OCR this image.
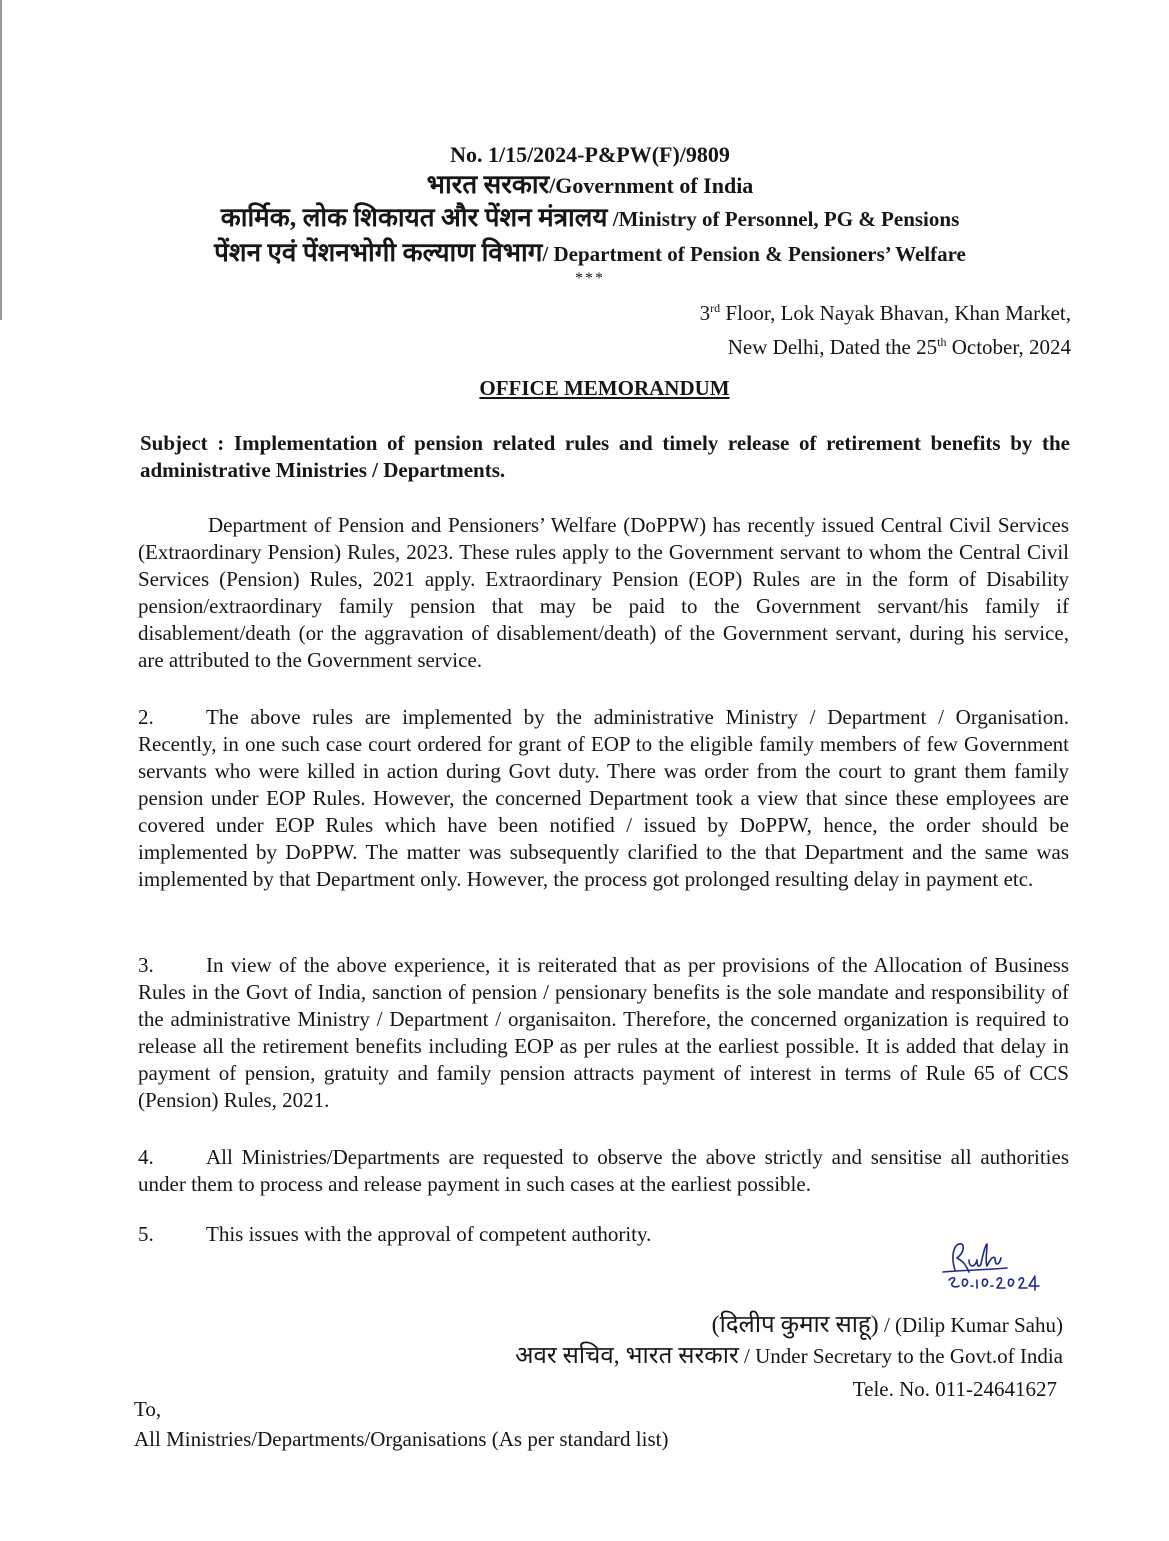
No. 1/15/2024-P&PW(F)/9809
भारत सरकार/Government of India
कार्मिक, लोक शिकायत और पेंशन मंत्रालय /Ministry of Personnel, PG & Pensions
पेंशन एवं पेंशनभोगी कल्याण विभाग/ Department of Pension & Pensioners’ Welfare
***
3rd Floor, Lok Nayak Bhavan, Khan Market,
New Delhi, Dated the 25th October, 2024
OFFICE MEMORANDUM
Subject : Implementation of pension related rules and timely release of retirement benefits by the administrative Ministries / Departments.
Department of Pension and Pensioners’ Welfare (DoPPW) has recently issued Central Civil Services (Extraordinary Pension) Rules, 2023. These rules apply to the Government servant to whom the Central Civil Services (Pension) Rules, 2021 apply. Extraordinary Pension (EOP) Rules are in the form of Disability pension/extraordinary family pension that may be paid to the Government servant/his family if disablement/death (or the aggravation of disablement/death) of the Government servant, during his service, are attributed to the Government service.
2. The above rules are implemented by the administrative Ministry / Department / Organisation. Recently, in one such case court ordered for grant of EOP to the eligible family members of few Government servants who were killed in action during Govt duty. There was order from the court to grant them family pension under EOP Rules. However, the concerned Department took a view that since these employees are covered under EOP Rules which have been notified / issued by DoPPW, hence, the order should be implemented by DoPPW. The matter was subsequently clarified to the that Department and the same was implemented by that Department only. However, the process got prolonged resulting delay in payment etc.
3. In view of the above experience, it is reiterated that as per provisions of the Allocation of Business Rules in the Govt of India, sanction of pension / pensionary benefits is the sole mandate and responsibility of the administrative Ministry / Department / organisaiton. Therefore, the concerned organization is required to release all the retirement benefits including EOP as per rules at the earliest possible. It is added that delay in payment of pension, gratuity and family pension attracts payment of interest in terms of Rule 65 of CCS (Pension) Rules, 2021.
4. All Ministries/Departments are requested to observe the above strictly and sensitise all authorities under them to process and release payment in such cases at the earliest possible.
5. This issues with the approval of competent authority.
(दिलीप कुमार साहू) / (Dilip Kumar Sahu)
अवर सचिव, भारत सरकार / Under Secretary to the Govt.of India
Tele. No. 011-24641627
To,
All Ministries/Departments/Organisations (As per standard list)
